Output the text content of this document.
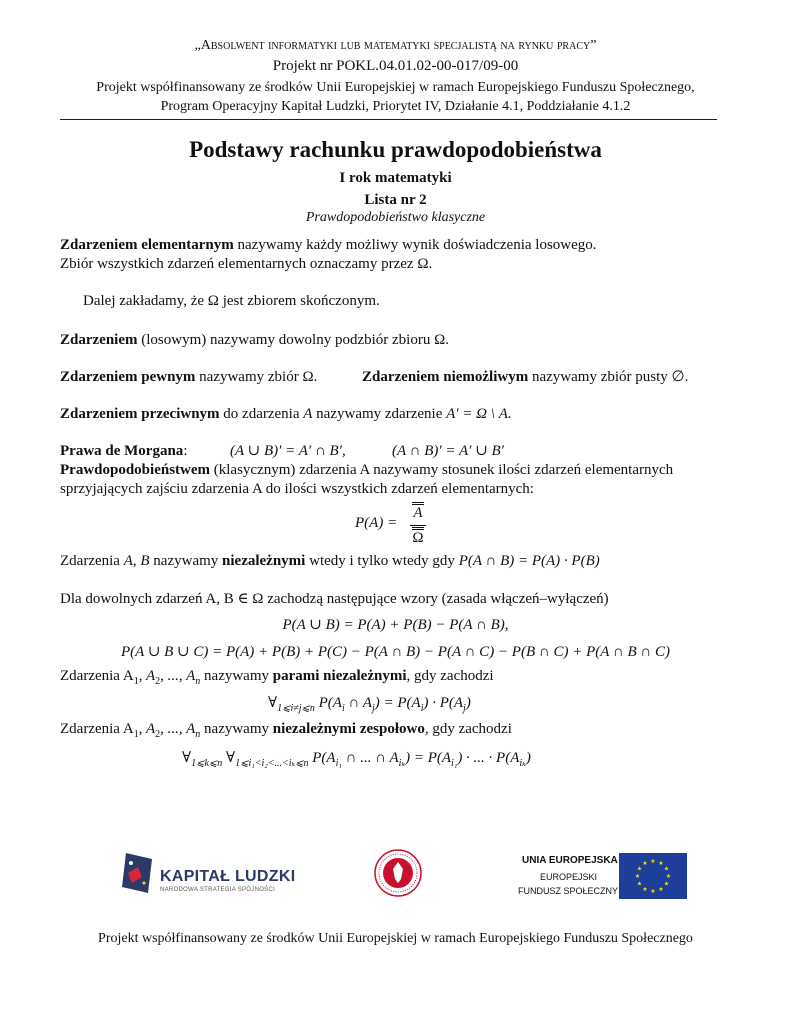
„Absolwent informatyki lub matematyki specjalistą na rynku pracy”
Projekt nr POKL.04.01.02-00-017/09-00
Projekt współfinansowany ze środków Unii Europejskiej w ramach Europejskiego Funduszu Społecznego,
Program Operacyjny Kapitał Ludzki, Priorytet IV, Działanie 4.1, Poddziałanie 4.1.2
Podstawy rachunku prawdopodobieństwa
I rok matematyki
Lista nr 2
Prawdopodobieństwo klasyczne
Zdarzeniem elementarnym nazywamy każdy możliwy wynik doświadczenia losowego.
Zbiór wszystkich zdarzeń elementarnych oznaczamy przez Ω.
Dalej zakładamy, że Ω jest zbiorem skończonym.
Zdarzeniem (losowym) nazywamy dowolny podzbiór zbioru Ω.
Zdarzeniem pewnym nazywamy zbiór Ω.	Zdarzeniem niemożliwym nazywamy zbiór pusty ∅.
Zdarzeniem przeciwnym do zdarzenia A nazywamy zdarzenie A′ = Ω \ A.
Prawa de Morgana:	(A ∪ B)′ = A′ ∩ B′,	(A ∩ B)′ = A′ ∪ B′
Prawdopodobieństwem (klasycznym) zdarzenia A nazywamy stosunek ilości zdarzeń elementarnych
sprzyjających zajściu zdarzenia A do ilości wszystkich zdarzeń elementarnych:
P(A) =
A
Ω
Zdarzenia A, B nazywamy niezależnymi wtedy i tylko wtedy gdy P(A ∩ B) = P(A) · P(B)
Dla dowolnych zdarzeń A, B ∈ Ω zachodzą następujące wzory (zasada włączeń–wyłączeń)
P(A ∪ B) = P(A) + P(B) − P(A ∩ B),
P(A ∪ B ∪ C) = P(A) + P(B) + P(C) − P(A ∩ B) − P(A ∩ C) − P(B ∩ C) + P(A ∩ B ∩ C)
Zdarzenia $A_1$, $A_2$, ..., $A_n$ nazywamy parami niezależnymi, gdy zachodzi
$\forall_{1⩽i\ne j⩽n}$ $P(A_i$ ∩ $A_j) = P(A_i) \cdot P(A_j)$
Zdarzenia $A_1$, $A_2$, ..., $A_n$ nazywamy niezależnymi zespołowo, gdy zachodzi
$\forall_{1⩽k⩽n}$ $\forall_{1⩽i_1<i_2<...<i_k⩽n}$ $P(A_{i_1}$ ∩ ... ∩ $A_{i_k}) = P(A_{i_1})$ · ... · $P(A_{i_k})$
KAPITAŁ LUDZKI
NARODOWA STRATEGIA SPÓJNOŚCI
UNIA EUROPEJSKA
EUROPEJSKI
FUNDUSZ SPOŁECZNY
★ ★
★
★
★
★
★
★
★
★
★
★
Projekt współfinansowany ze środków Unii Europejskiej w ramach Europejskiego Funduszu Społecznego
